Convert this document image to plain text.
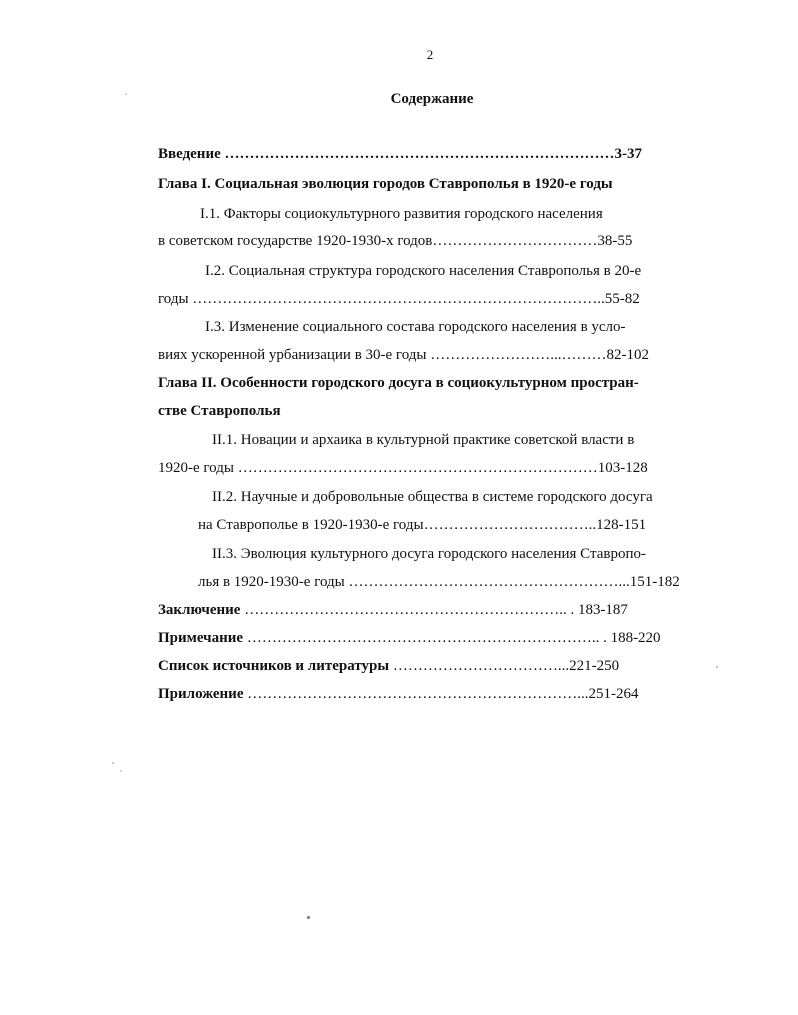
2
Содержание
Введение ……………………………………………………………………3-37
Глава I. Социальная эволюция городов Ставрополья в 1920-е годы
I.1. Факторы социокультурного развития городского населения
в советском государстве 1920-1930-х годов……………………………38-55
I.2. Социальная структура городского населения Ставрополья в 20-е
годы ………………………………………………………………………..55-82
I.3. Изменение социального состава городского населения в усло-
виях ускоренной урбанизации в 30-е годы ……………………...………82-102
Глава II. Особенности городского досуга в социокультурном простран-
стве Ставрополья
II.1. Новации и архаика в культурной практике советской власти в
1920-е годы ………………………………………………………………103-128
II.2. Научные и добровольные общества в системе городского досуга
на Ставрополье в 1920-1930-е годы……………………………..128-151
II.3. Эволюция культурного досуга городского населения Ставропо-
лья в 1920-1930-е годы ………………………………………………...151-182
Заключение ……………………………………………………….. . 183-187
Примечание …………………………………………………………….. . 188-220
Список источников и литературы ……………………………...221-250
Приложение …………………………………………………………...251-264
